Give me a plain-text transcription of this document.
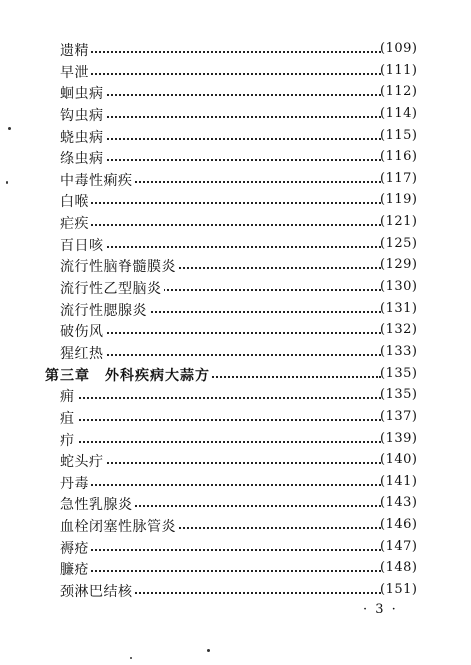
遗精	(109)
早泄	(111)
蛔虫病	(112)
钩虫病	(114)
蛲虫病	(115)
绦虫病	(116)
中毒性痢疾	(117)
白喉	(119)
疟疾	(121)
百日咳	(125)
流行性脑脊髓膜炎	(129)
流行性乙型脑炎	(130)
流行性腮腺炎	(131)
破伤风	(132)
猩红热	(133)
第三章　外科疾病大蒜方	(135)
痈	(135)
疽	(137)
疖	(139)
蛇头疔	(140)
丹毒	(141)
急性乳腺炎	(143)
血栓闭塞性脉管炎	(146)
褥疮	(147)
臁疮	(148)
颈淋巴结核	(151)
· 3 ·
